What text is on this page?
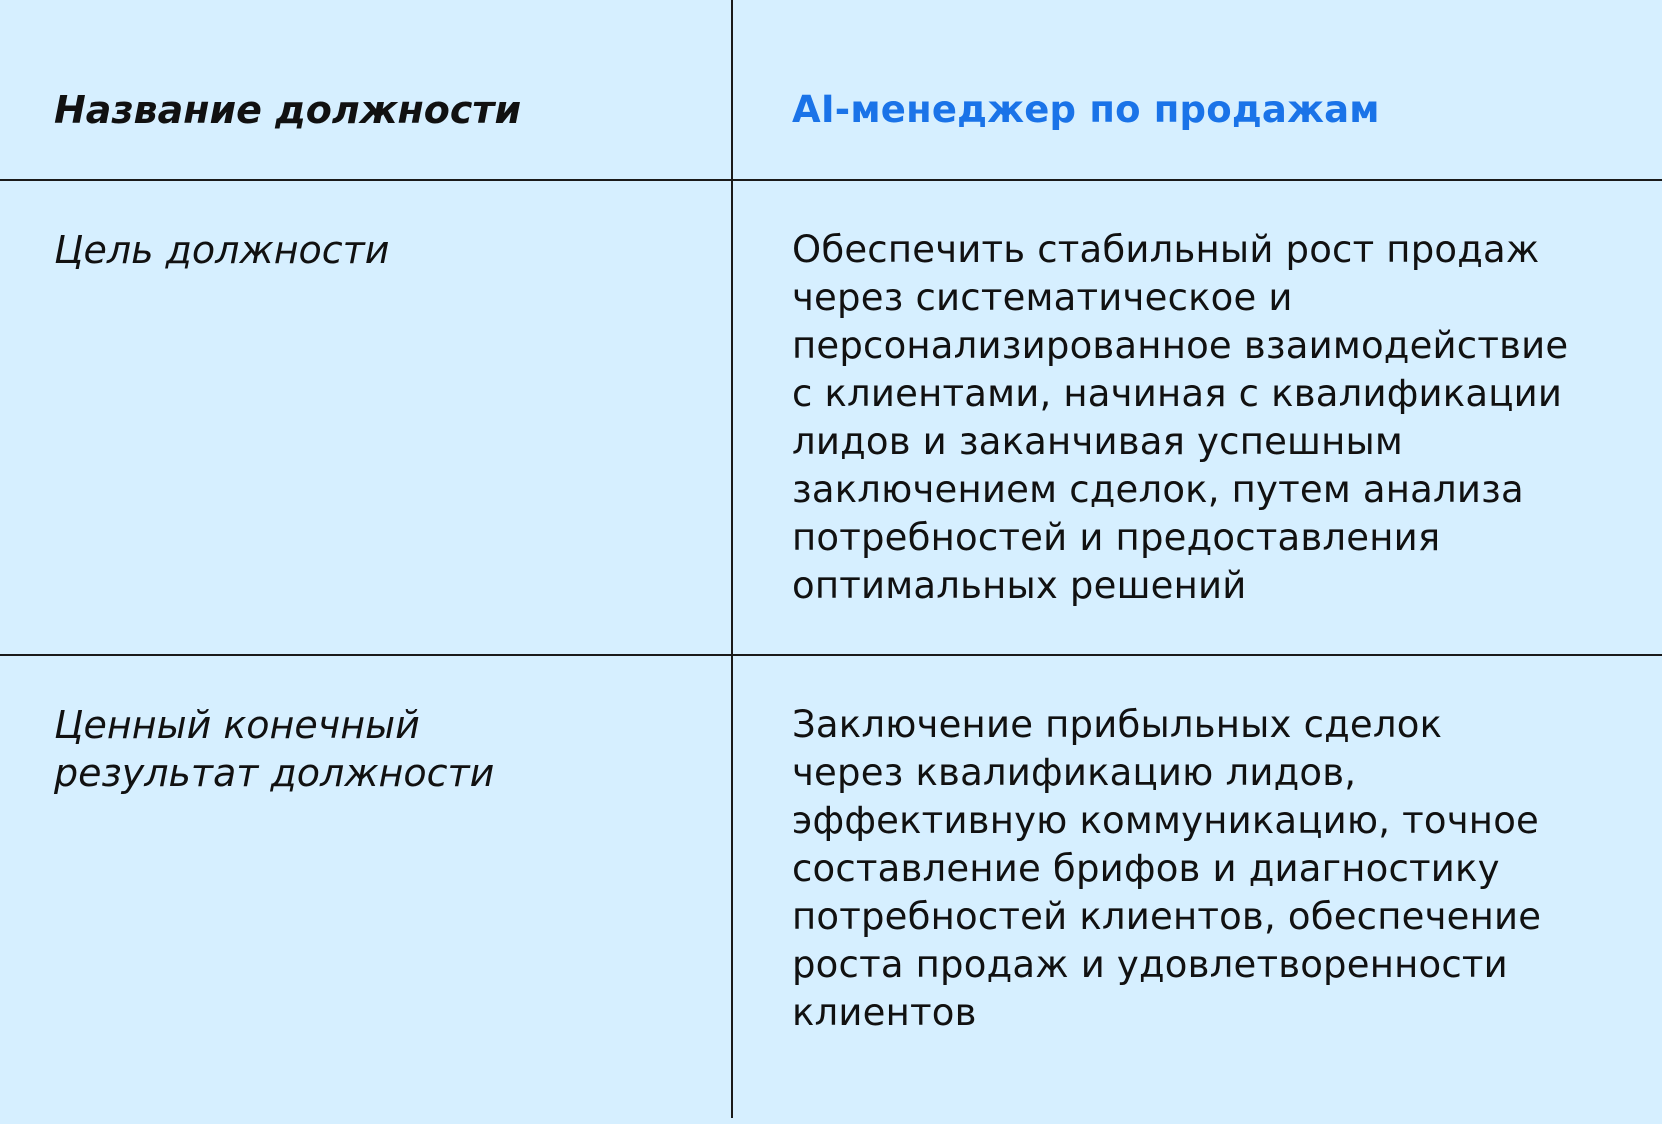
Название должности	AI-менеджер по продажам
Цель должности	Обеспечить стабильный рост продаж
через систематическое и
персонализированное взаимодействие
с клиентами, начиная с квалификации
лидов и заканчивая успешным
заключением сделок, путем анализа
потребностей и предоставления
оптимальных решений
Ценный конечный
результат должности
Заключение прибыльных сделок
через квалификацию лидов,
эффективную коммуникацию, точное
составление брифов и диагностику
потребностей клиентов, обеспечение
роста продаж и удовлетворенности
клиентов
